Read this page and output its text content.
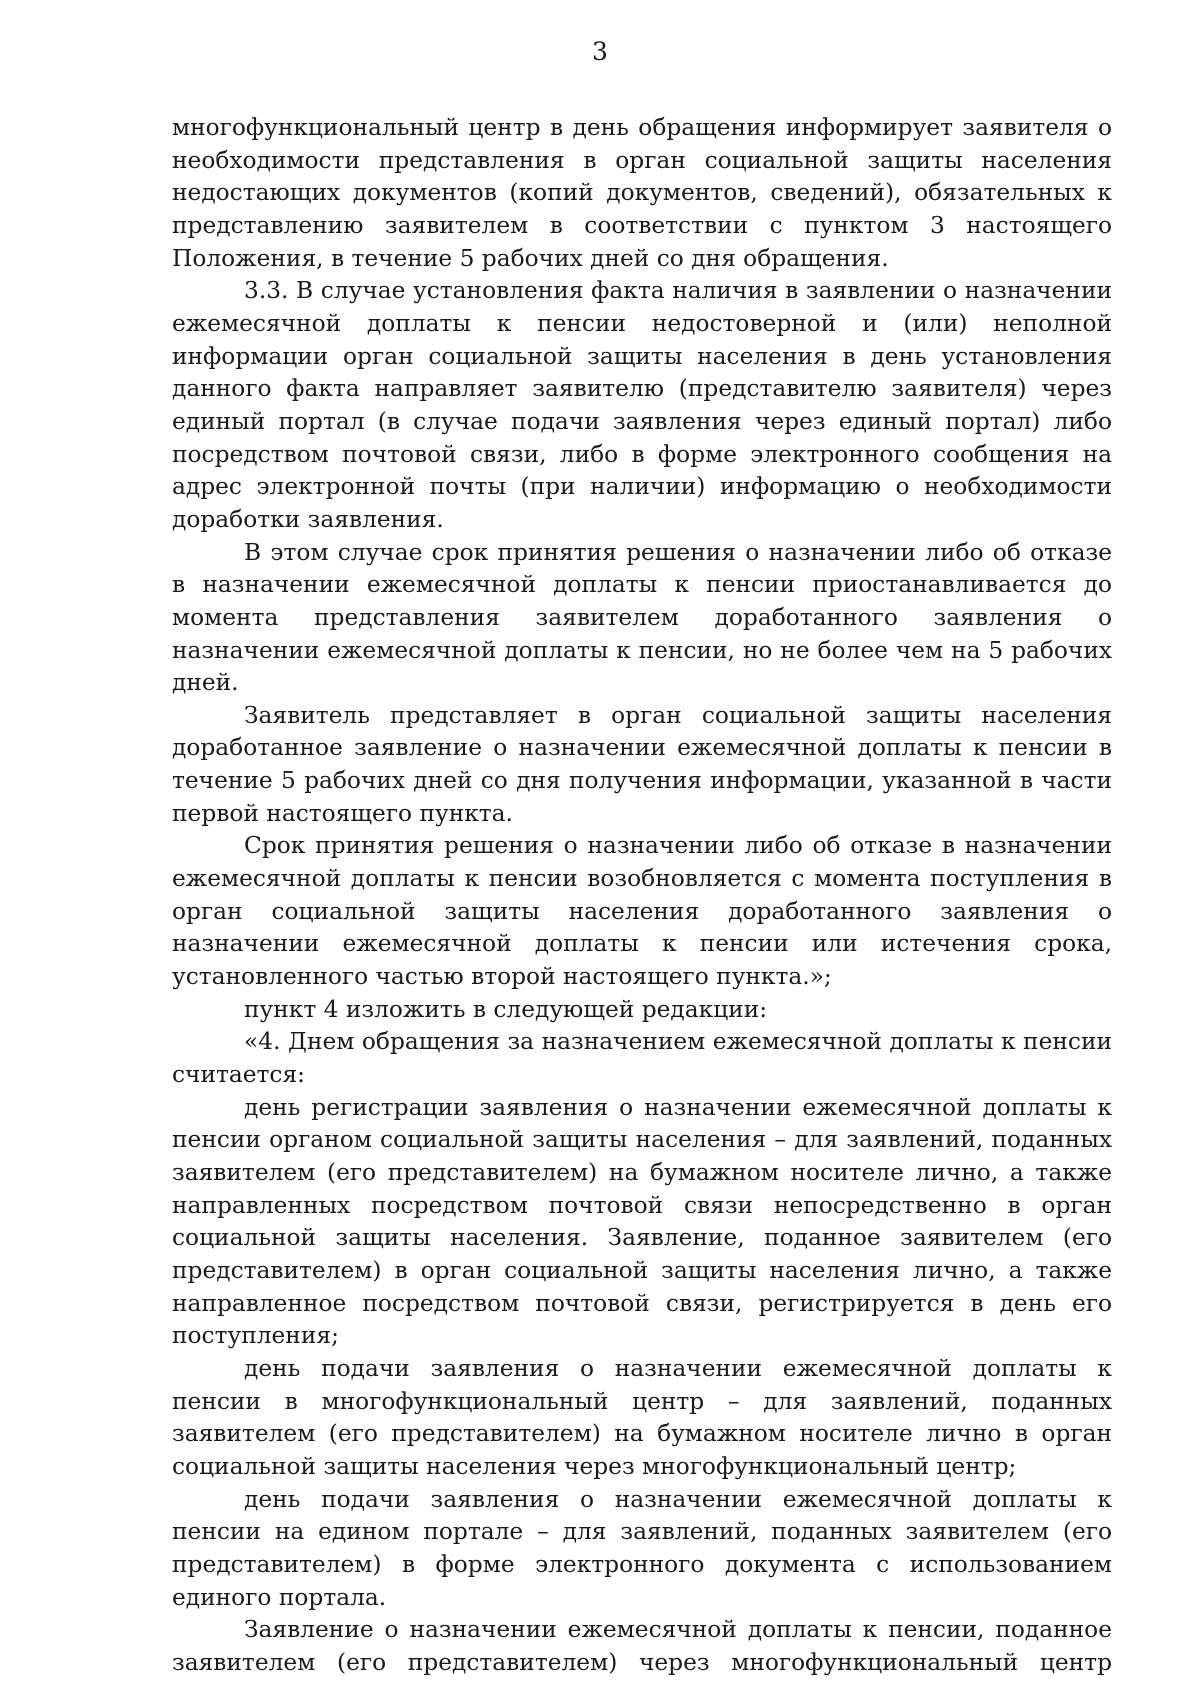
3

многофункциональный центр в день обращения информирует заявителя о необходимости представления в орган социальной защиты населения недостающих документов (копий документов, сведений), обязательных к представлению заявителем в соответствии с пунктом 3 настоящего Положения, в течение 5 рабочих дней со дня обращения.

3.3. В случае установления факта наличия в заявлении о назначении ежемесячной доплаты к пенсии недостоверной и (или) неполной информации орган социальной защиты населения в день установления данного факта направляет заявителю (представителю заявителя) через единый портал (в случае подачи заявления через единый портал) либо посредством почтовой связи, либо в форме электронного сообщения на адрес электронной почты (при наличии) информацию о необходимости доработки заявления.

В этом случае срок принятия решения о назначении либо об отказе в назначении ежемесячной доплаты к пенсии приостанавливается до момента представления заявителем доработанного заявления о назначении ежемесячной доплаты к пенсии, но не более чем на 5 рабочих дней.

Заявитель представляет в орган социальной защиты населения доработанное заявление о назначении ежемесячной доплаты к пенсии в течение 5 рабочих дней со дня получения информации, указанной в части первой настоящего пункта.

Срок принятия решения о назначении либо об отказе в назначении ежемесячной доплаты к пенсии возобновляется с момента поступления в орган социальной защиты населения доработанного заявления о назначении ежемесячной доплаты к пенсии или истечения срока, установленного частью второй настоящего пункта.»;

пункт 4 изложить в следующей редакции:

«4. Днем обращения за назначением ежемесячной доплаты к пенсии считается:

день регистрации заявления о назначении ежемесячной доплаты к пенсии органом социальной защиты населения – для заявлений, поданных заявителем (его представителем) на бумажном носителе лично, а также направленных посредством почтовой связи непосредственно в орган социальной защиты населения. Заявление, поданное заявителем (его представителем) в орган социальной защиты населения лично, а также направленное посредством почтовой связи, регистрируется в день его поступления;

день подачи заявления о назначении ежемесячной доплаты к пенсии в многофункциональный центр – для заявлений, поданных заявителем (его представителем) на бумажном носителе лично в орган социальной защиты населения через многофункциональный центр;

день подачи заявления о назначении ежемесячной доплаты к пенсии на едином портале – для заявлений, поданных заявителем (его представителем) в форме электронного документа с использованием единого портала.

Заявление о назначении ежемесячной доплаты к пенсии, поданное заявителем (его представителем) через многофункциональный центр
